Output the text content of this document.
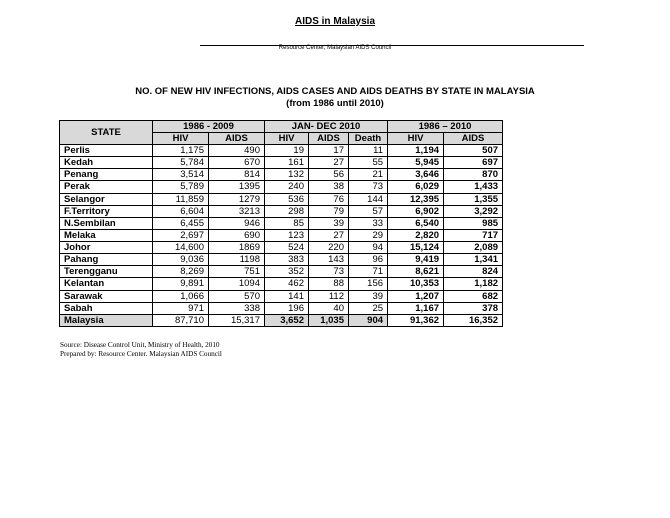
AIDS in Malaysia
Resource Center, Malaysian AIDS Council
NO. OF NEW HIV INFECTIONS, AIDS CASES AND AIDS DEATHS BY STATE IN MALAYSIA
(from 1986 until 2010)
STATE	1986 - 2009		JAN- DEC 2010			1986 – 2010	
	HIV	AIDS	HIV	AIDS	Death	HIV	AIDS
Perlis	1,175	490	19	17	11	1,194	507
Kedah	5,784	670	161	27	55	5,945	697
Penang	3,514	814	132	56	21	3,646	870
Perak	5,789	1395	240	38	73	6,029	1,433
Selangor	11,859	1279	536	76	144	12,395	1,355
F.Territory	6,604	3213	298	79	57	6,902	3,292
N.Sembilan	6,455	946	85	39	33	6,540	985
Melaka	2,697	690	123	27	29	2,820	717
Johor	14,600	1869	524	220	94	15,124	2,089
Pahang	9,036	1198	383	143	96	9,419	1,341
Terengganu	8,269	751	352	73	71	8,621	824
Kelantan	9,891	1094	462	88	156	10,353	1,182
Sarawak	1,066	570	141	112	39	1,207	682
Sabah	971	338	196	40	25	1,167	378
Malaysia	87,710	15,317	3,652	1,035	904	91,362	16,352
Source: Disease Control Unit, Ministry of Health, 2010
Prepared by: Resource Center. Malaysian AIDS Council
